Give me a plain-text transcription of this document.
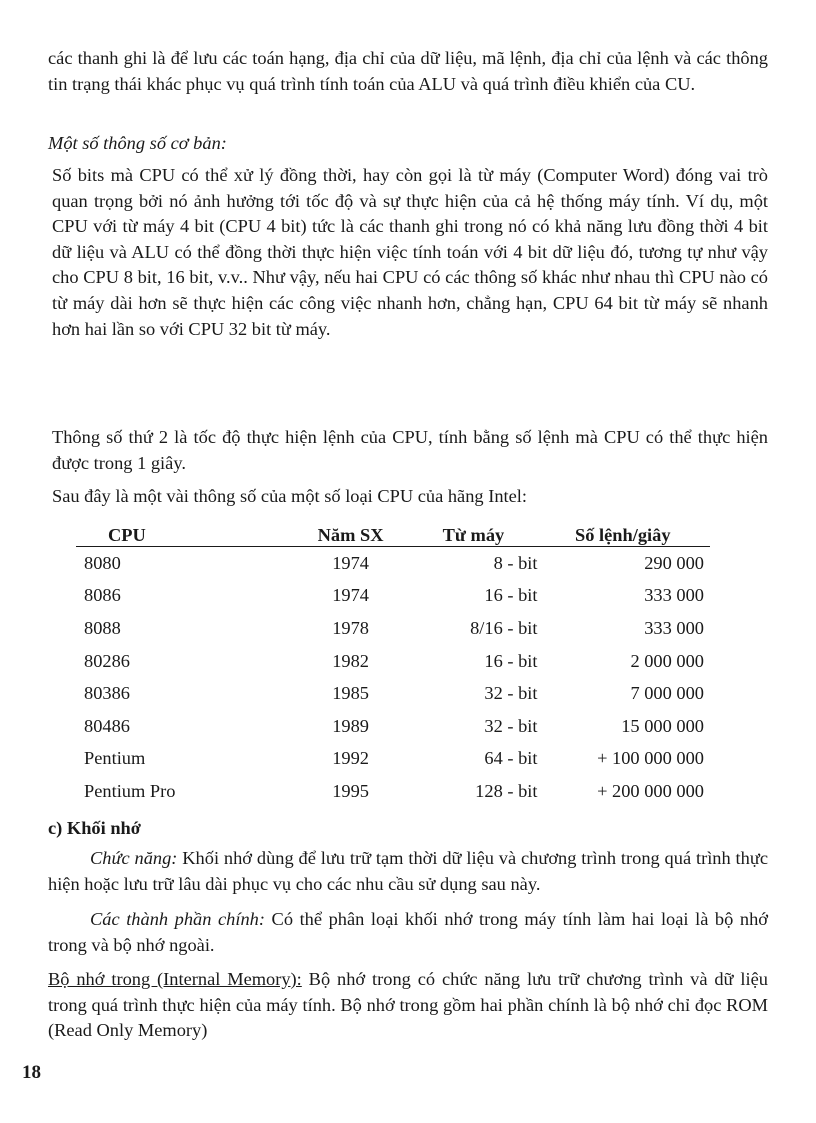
các thanh ghi là để lưu các toán hạng, địa chỉ của dữ liệu, mã lệnh, địa chỉ của lệnh và các thông tin trạng thái khác phục vụ quá trình tính toán của ALU và quá trình điều khiển của CU.

Một số thông số cơ bản:
Số bits mà CPU có thể xử lý đồng thời, hay còn gọi là từ máy (Computer Word) đóng vai trò quan trọng bởi nó ảnh hưởng tới tốc độ và sự thực hiện của cả hệ thống máy tính. Ví dụ, một CPU với từ máy 4 bit (CPU 4 bit) tức là các thanh ghi trong nó có khả năng lưu đồng thời 4 bit dữ liệu và ALU có thể đồng thời thực hiện việc tính toán với 4 bit dữ liệu đó, tương tự như vậy cho CPU 8 bit, 16 bit, v.v.. Như vậy, nếu hai CPU có các thông số khác như nhau thì CPU nào có từ máy dài hơn sẽ thực hiện các công việc nhanh hơn, chẳng hạn, CPU 64 bit từ máy sẽ nhanh hơn hai lần so với CPU 32 bit từ máy.
Thông số thứ 2 là tốc độ thực hiện lệnh của CPU, tính bằng số lệnh mà CPU có thể thực hiện được trong 1 giây.
Sau đây là một vài thông số của một số loại CPU của hãng Intel:
CPU	Năm SX	Từ máy	Số lệnh/giây
8080	1974	8 - bit	290 000
8086	1974	16 - bit	333 000
8088	1978	8/16 - bit	333 000
80286	1982	16 - bit	2 000 000
80386	1985	32 - bit	7 000 000
80486	1989	32 - bit	15 000 000
Pentium	1992	64 - bit	+ 100 000 000
Pentium Pro	1995	128 - bit	+ 200 000 000
c) Khối nhớ
Chức năng: Khối nhớ dùng để lưu trữ tạm thời dữ liệu và chương trình trong quá trình thực hiện hoặc lưu trữ lâu dài phục vụ cho các nhu cầu sử dụng sau này.
Các thành phần chính: Có thể phân loại khối nhớ trong máy tính làm hai loại là bộ nhớ trong và bộ nhớ ngoài.
Bộ nhớ trong (Internal Memory): Bộ nhớ trong có chức năng lưu trữ chương trình và dữ liệu trong quá trình thực hiện của máy tính. Bộ nhớ trong gồm hai phần chính là bộ nhớ chỉ đọc ROM (Read Only Memory)
18
